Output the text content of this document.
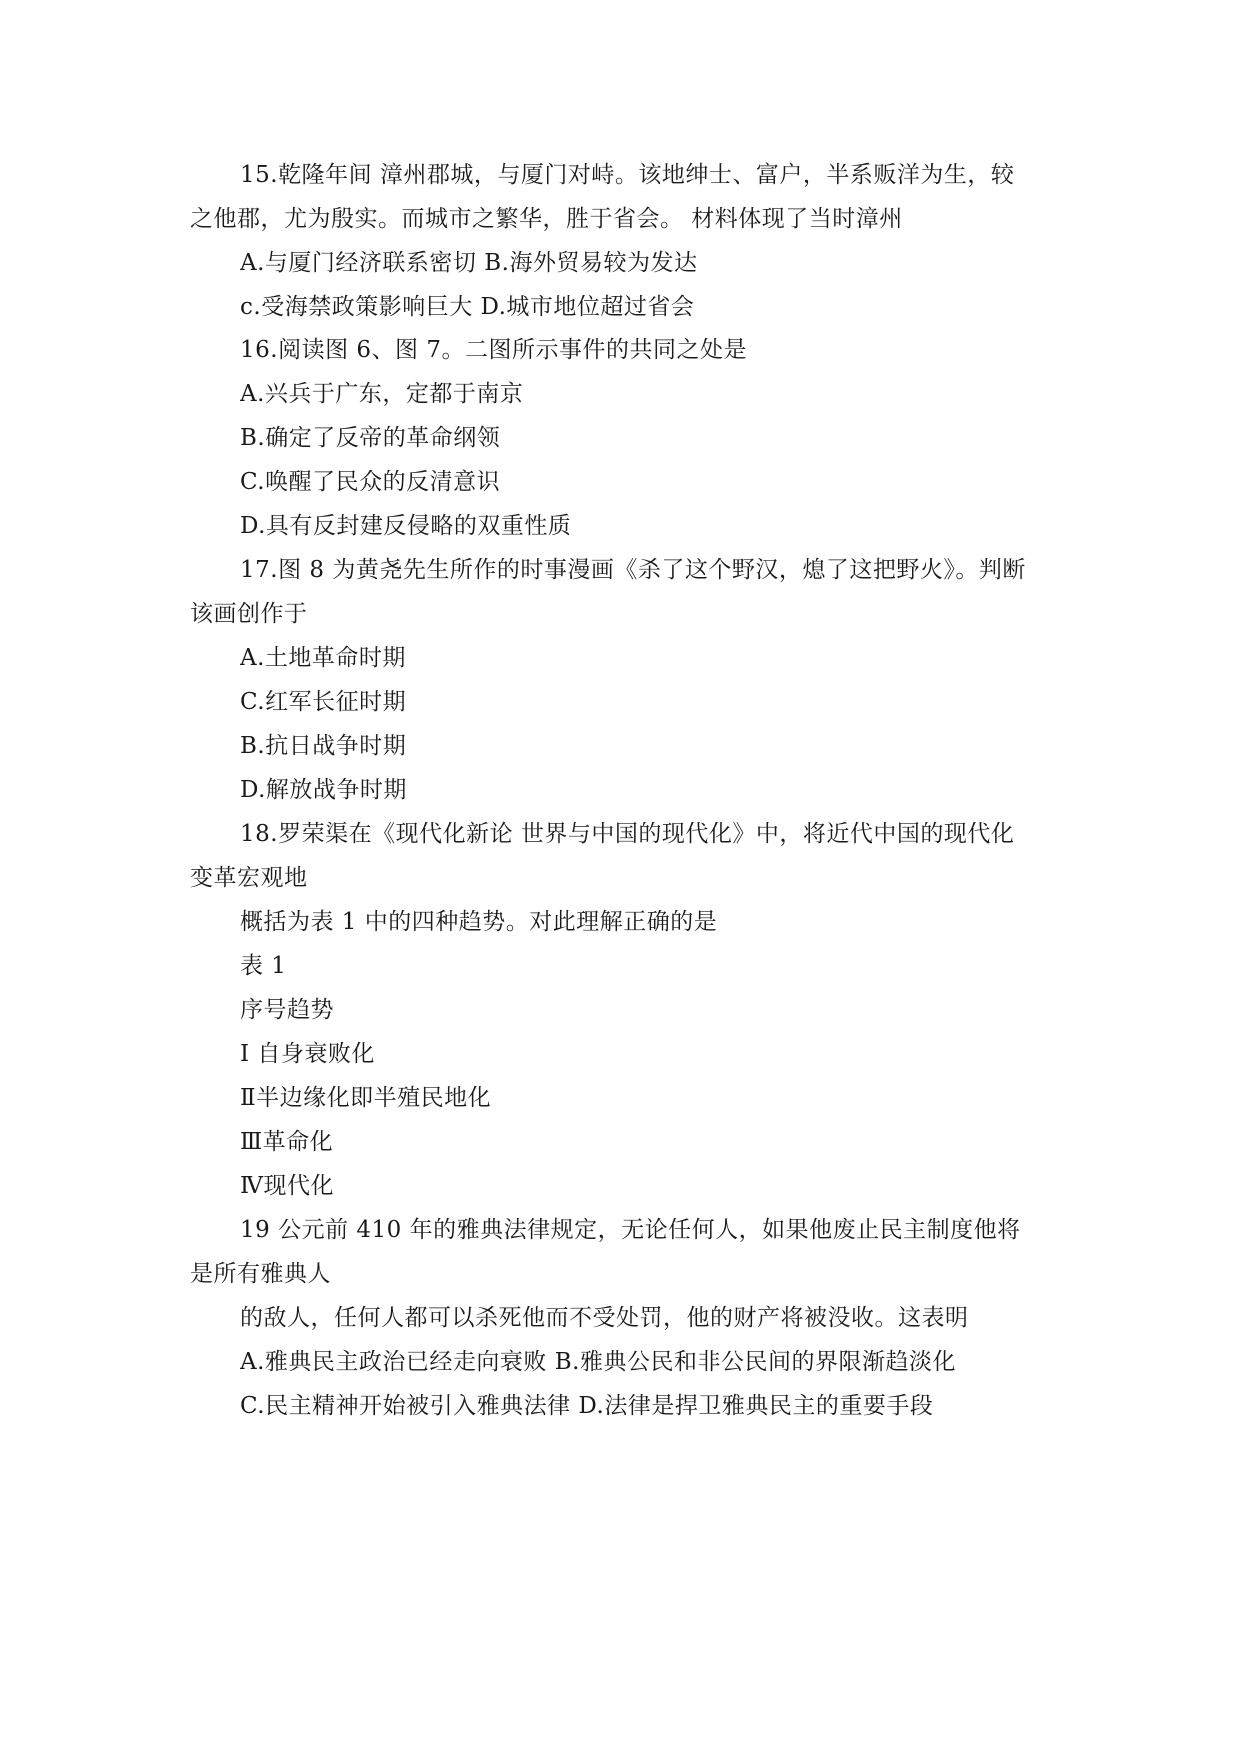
15.乾隆年间 漳州郡城，与厦门对峙。该地绅士、富户，半系贩洋为生，较
之他郡，尤为殷实。而城市之繁华，胜于省会。 材料体现了当时漳州
A.与厦门经济联系密切 B.海外贸易较为发达
c.受海禁政策影响巨大 D.城市地位超过省会
16.阅读图 6、图 7。二图所示事件的共同之处是
A.兴兵于广东，定都于南京
B.确定了反帝的革命纲领
C.唤醒了民众的反清意识
D.具有反封建反侵略的双重性质
17.图 8 为黄尧先生所作的时事漫画《杀了这个野汉，熄了这把野火》。判断
该画创作于
A.土地革命时期
C.红军长征时期
B.抗日战争时期
D.解放战争时期
18.罗荣渠在《现代化新论 世界与中国的现代化》中，将近代中国的现代化
变革宏观地
概括为表 1 中的四种趋势。对此理解正确的是
表 1
序号趋势
I 自身衰败化
Ⅱ半边缘化即半殖民地化
Ⅲ革命化
Ⅳ现代化
19 公元前 410 年的雅典法律规定，无论任何人，如果他废止民主制度他将
是所有雅典人
的敌人，任何人都可以杀死他而不受处罚，他的财产将被没收。这表明
A.雅典民主政治已经走向衰败 B.雅典公民和非公民间的界限渐趋淡化
C.民主精神开始被引入雅典法律 D.法律是捍卫雅典民主的重要手段
